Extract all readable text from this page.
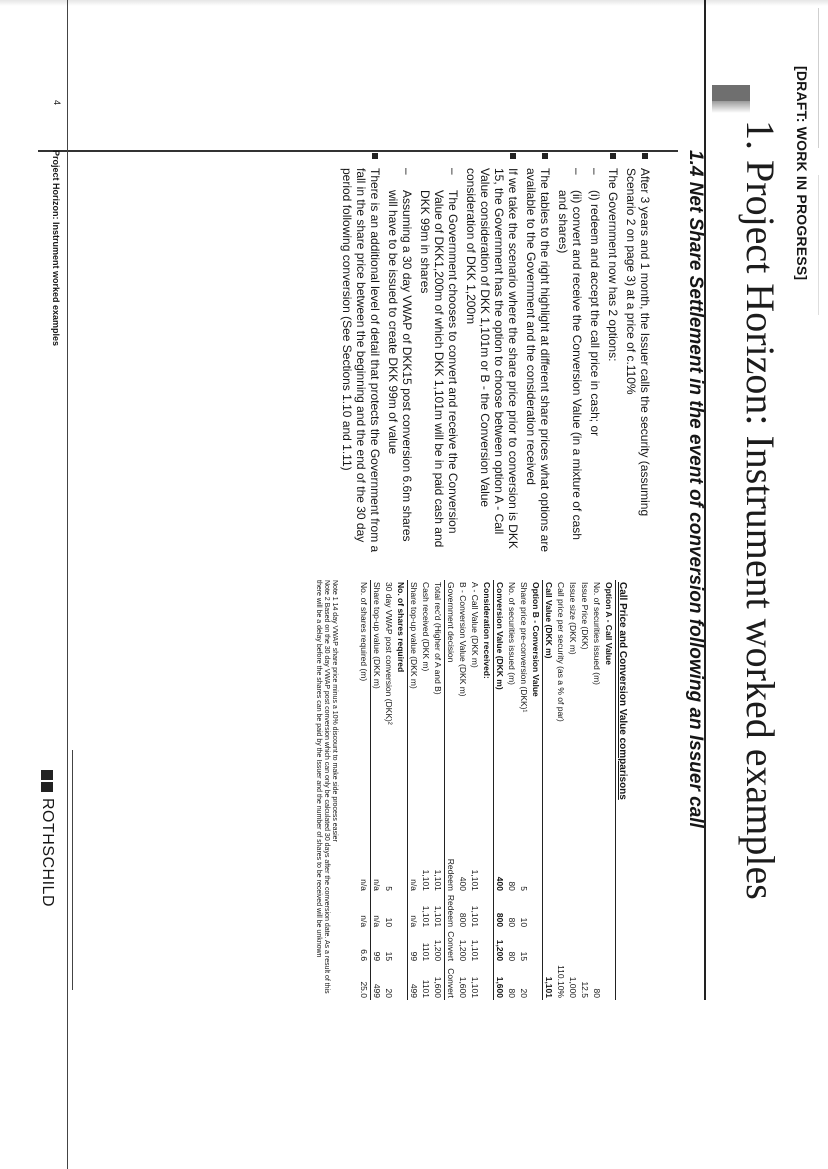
[DRAFT: WORK IN PROGRESS]
1. Project Horizon: Instrument worked examples
1.4 Net Share Settlement in the event of conversion following an Issuer call
After 3 years and 1 month, the Issuer calls the security (assuming Scenario 2 on page 3) at a price of c.110%
The Government now has 2 options:
– (i) redeem and accept the call price in cash; or
– (ii) convert and receive the Conversion Value (in a mixture of cash and shares)
The tables to the right highlight at different share prices what options are available to the Government and the consideration received
If we take the scenario where the share price prior to conversion is DKK 15, the Government has the option to choose between option A - Call Value consideration of DKK 1,101m or B - the Conversion Value consideration of DKK 1,200m
– The Government chooses to convert and receive the Conversion Value of DKK1,200m of which DKK 1,101m will be in paid cash and DKK 99m in shares
– Assuming a 30 day VWAP of DKK15 post conversion 6.6m shares will have to be issued to create DKK 99m of value
There is an additional level of detail that protects the Government from a fall in the share price between the beginning and the end of the 30 day period following conversion (See Sections 1.10 and 1.11)
Call Price and Conversion Value comparisons				
Option A - Call Value				
No. of securities issued (m)				80
Issue Price (DKK)				12.5
Issue size (DKK m)				1,000
Call price per security (as a % of par)				110.10%
Call Value (DKK m)				1,101
Option B - Conversion Value				
Share price pre-conversion (DKK)¹	5	10	15	20
No. of securities issued (m)	80	80	80	80
Conversion Value (DKK m)	400	800	1,200	1,600
Consideration received:				
A - Call Value (DKK m)	1,101	1,101	1,101	1,101
B - Conversion Value (DKK m)	400	800	1,200	1,600
Government decision	Redeem	Redeem	Convert	Convert
Total rec'd (Higher of A and B)	1,101	1,101	1,200	1,600
Cash received (DKK m)	1,101	1,101	1101	1101
Share top-up value (DKK m)	n/a	n/a	99	499
No. of shares required				
30 day VWAP post conversion (DKK)²	5	10	15	20
Share top-up value (DKK m)	n/a	n/a	99	499
No. of shares required (m)	n/a	n/a	6.6	25.0
Note 1 14 day VWAP share price minus a 10% discount to make side process easier
Note 2 Based on the 30 day VWAP post conversion which can only be calculated 30 days after the conversion date. As a result of this there will be a delay before the shares can be paid by the Issuer and the number of shares to be received will be unknown
4
Project Horizon: Instrument worked examples
ROTHSCHILD
